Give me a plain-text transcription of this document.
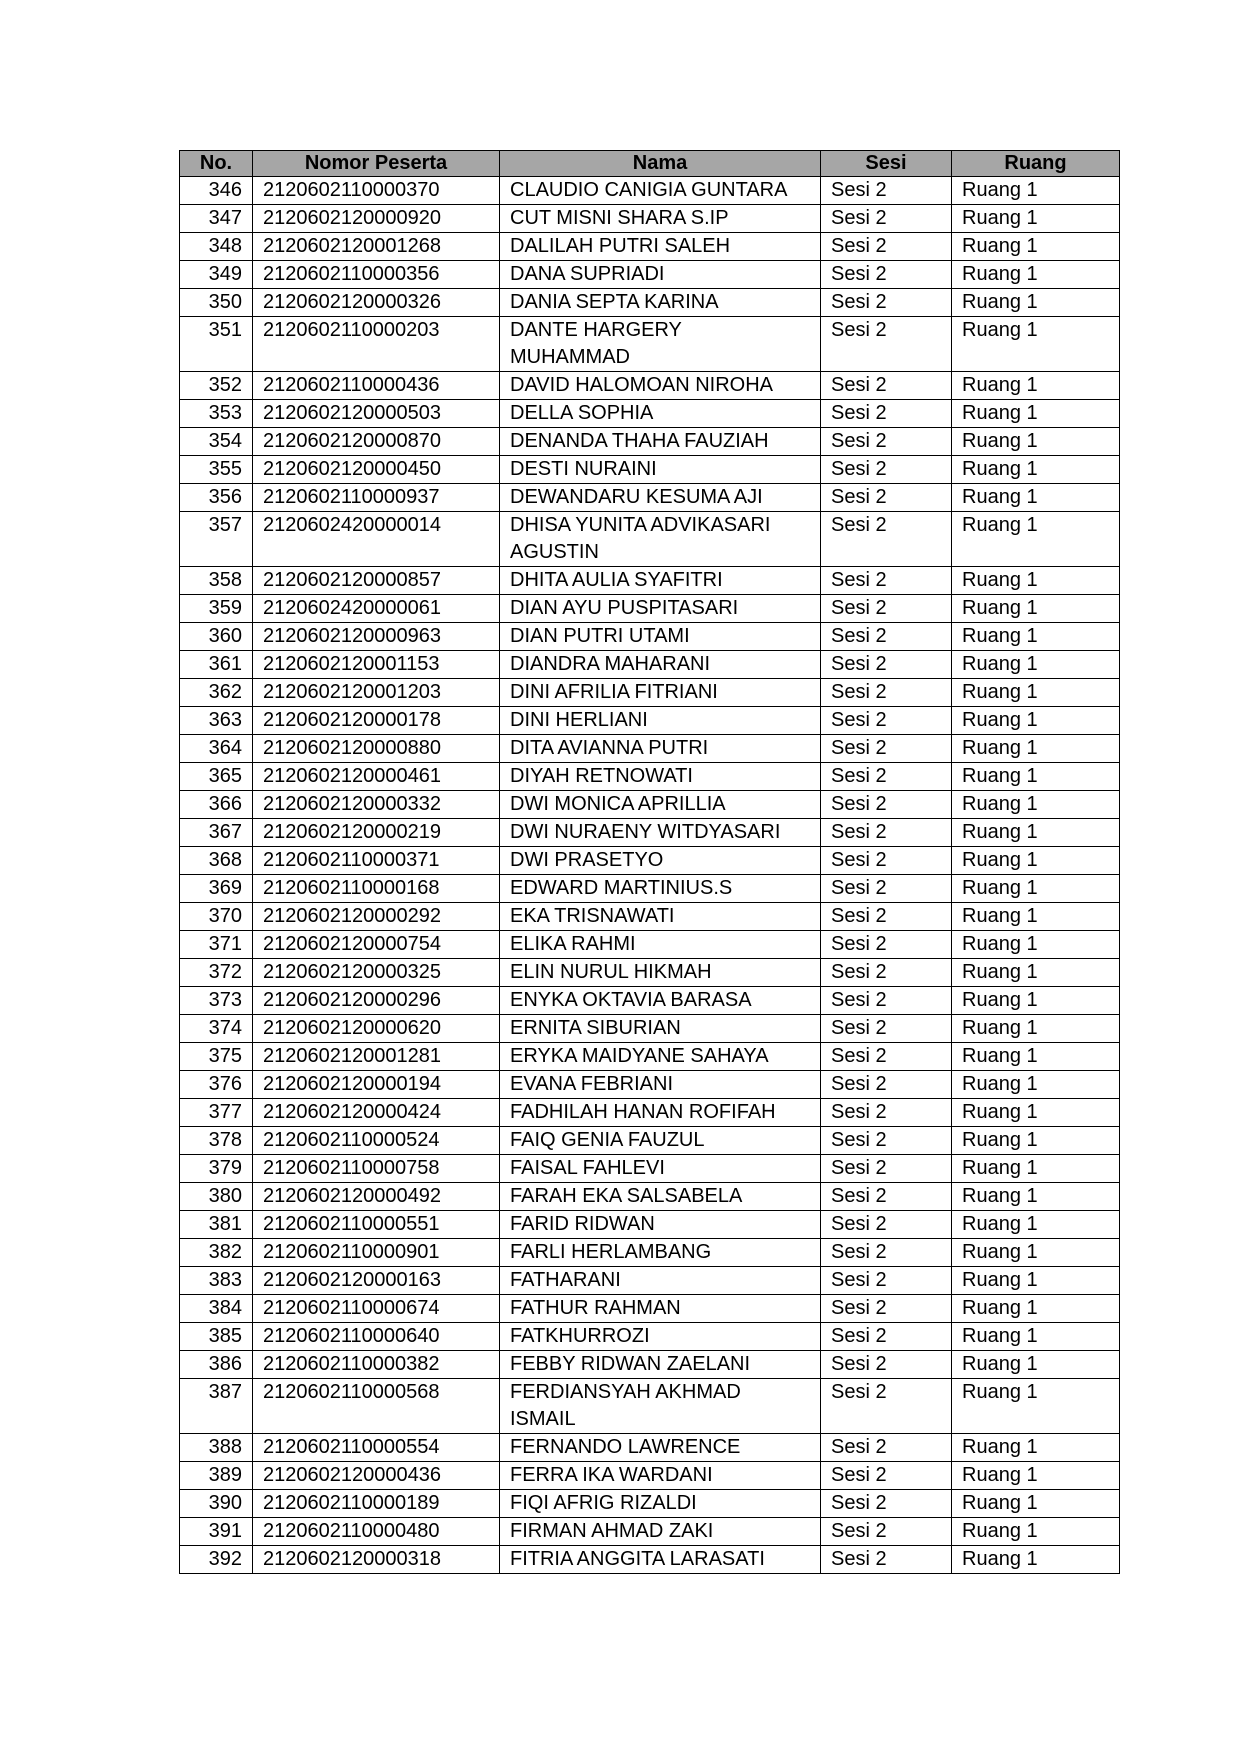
No.	Nomor Peserta	Nama	Sesi	Ruang
346	2120602110000370	CLAUDIO CANIGIA GUNTARA	Sesi 2	Ruang 1
347	2120602120000920	CUT MISNI SHARA S.IP	Sesi 2	Ruang 1
348	2120602120001268	DALILAH PUTRI SALEH	Sesi 2	Ruang 1
349	2120602110000356	DANA SUPRIADI	Sesi 2	Ruang 1
350	2120602120000326	DANIA SEPTA KARINA	Sesi 2	Ruang 1
351	2120602110000203	DANTE HARGERY MUHAMMAD	Sesi 2	Ruang 1
352	2120602110000436	DAVID HALOMOAN NIROHA	Sesi 2	Ruang 1
353	2120602120000503	DELLA SOPHIA	Sesi 2	Ruang 1
354	2120602120000870	DENANDA THAHA FAUZIAH	Sesi 2	Ruang 1
355	2120602120000450	DESTI NURAINI	Sesi 2	Ruang 1
356	2120602110000937	DEWANDARU KESUMA AJI	Sesi 2	Ruang 1
357	2120602420000014	DHISA YUNITA ADVIKASARI AGUSTIN	Sesi 2	Ruang 1
358	2120602120000857	DHITA AULIA SYAFITRI	Sesi 2	Ruang 1
359	2120602420000061	DIAN AYU PUSPITASARI	Sesi 2	Ruang 1
360	2120602120000963	DIAN PUTRI UTAMI	Sesi 2	Ruang 1
361	2120602120001153	DIANDRA MAHARANI	Sesi 2	Ruang 1
362	2120602120001203	DINI AFRILIA FITRIANI	Sesi 2	Ruang 1
363	2120602120000178	DINI HERLIANI	Sesi 2	Ruang 1
364	2120602120000880	DITA AVIANNA PUTRI	Sesi 2	Ruang 1
365	2120602120000461	DIYAH RETNOWATI	Sesi 2	Ruang 1
366	2120602120000332	DWI MONICA APRILLIA	Sesi 2	Ruang 1
367	2120602120000219	DWI NURAENY WITDYASARI	Sesi 2	Ruang 1
368	2120602110000371	DWI PRASETYO	Sesi 2	Ruang 1
369	2120602110000168	EDWARD MARTINIUS.S	Sesi 2	Ruang 1
370	2120602120000292	EKA TRISNAWATI	Sesi 2	Ruang 1
371	2120602120000754	ELIKA RAHMI	Sesi 2	Ruang 1
372	2120602120000325	ELIN NURUL HIKMAH	Sesi 2	Ruang 1
373	2120602120000296	ENYKA OKTAVIA BARASA	Sesi 2	Ruang 1
374	2120602120000620	ERNITA SIBURIAN	Sesi 2	Ruang 1
375	2120602120001281	ERYKA MAIDYANE SAHAYA	Sesi 2	Ruang 1
376	2120602120000194	EVANA FEBRIANI	Sesi 2	Ruang 1
377	2120602120000424	FADHILAH HANAN ROFIFAH	Sesi 2	Ruang 1
378	2120602110000524	FAIQ GENIA FAUZUL	Sesi 2	Ruang 1
379	2120602110000758	FAISAL FAHLEVI	Sesi 2	Ruang 1
380	2120602120000492	FARAH EKA SALSABELA	Sesi 2	Ruang 1
381	2120602110000551	FARID RIDWAN	Sesi 2	Ruang 1
382	2120602110000901	FARLI HERLAMBANG	Sesi 2	Ruang 1
383	2120602120000163	FATHARANI	Sesi 2	Ruang 1
384	2120602110000674	FATHUR RAHMAN	Sesi 2	Ruang 1
385	2120602110000640	FATKHURROZI	Sesi 2	Ruang 1
386	2120602110000382	FEBBY RIDWAN ZAELANI	Sesi 2	Ruang 1
387	2120602110000568	FERDIANSYAH AKHMAD ISMAIL	Sesi 2	Ruang 1
388	2120602110000554	FERNANDO LAWRENCE	Sesi 2	Ruang 1
389	2120602120000436	FERRA IKA WARDANI	Sesi 2	Ruang 1
390	2120602110000189	FIQI AFRIG RIZALDI	Sesi 2	Ruang 1
391	2120602110000480	FIRMAN AHMAD ZAKI	Sesi 2	Ruang 1
392	2120602120000318	FITRIA ANGGITA LARASATI	Sesi 2	Ruang 1
